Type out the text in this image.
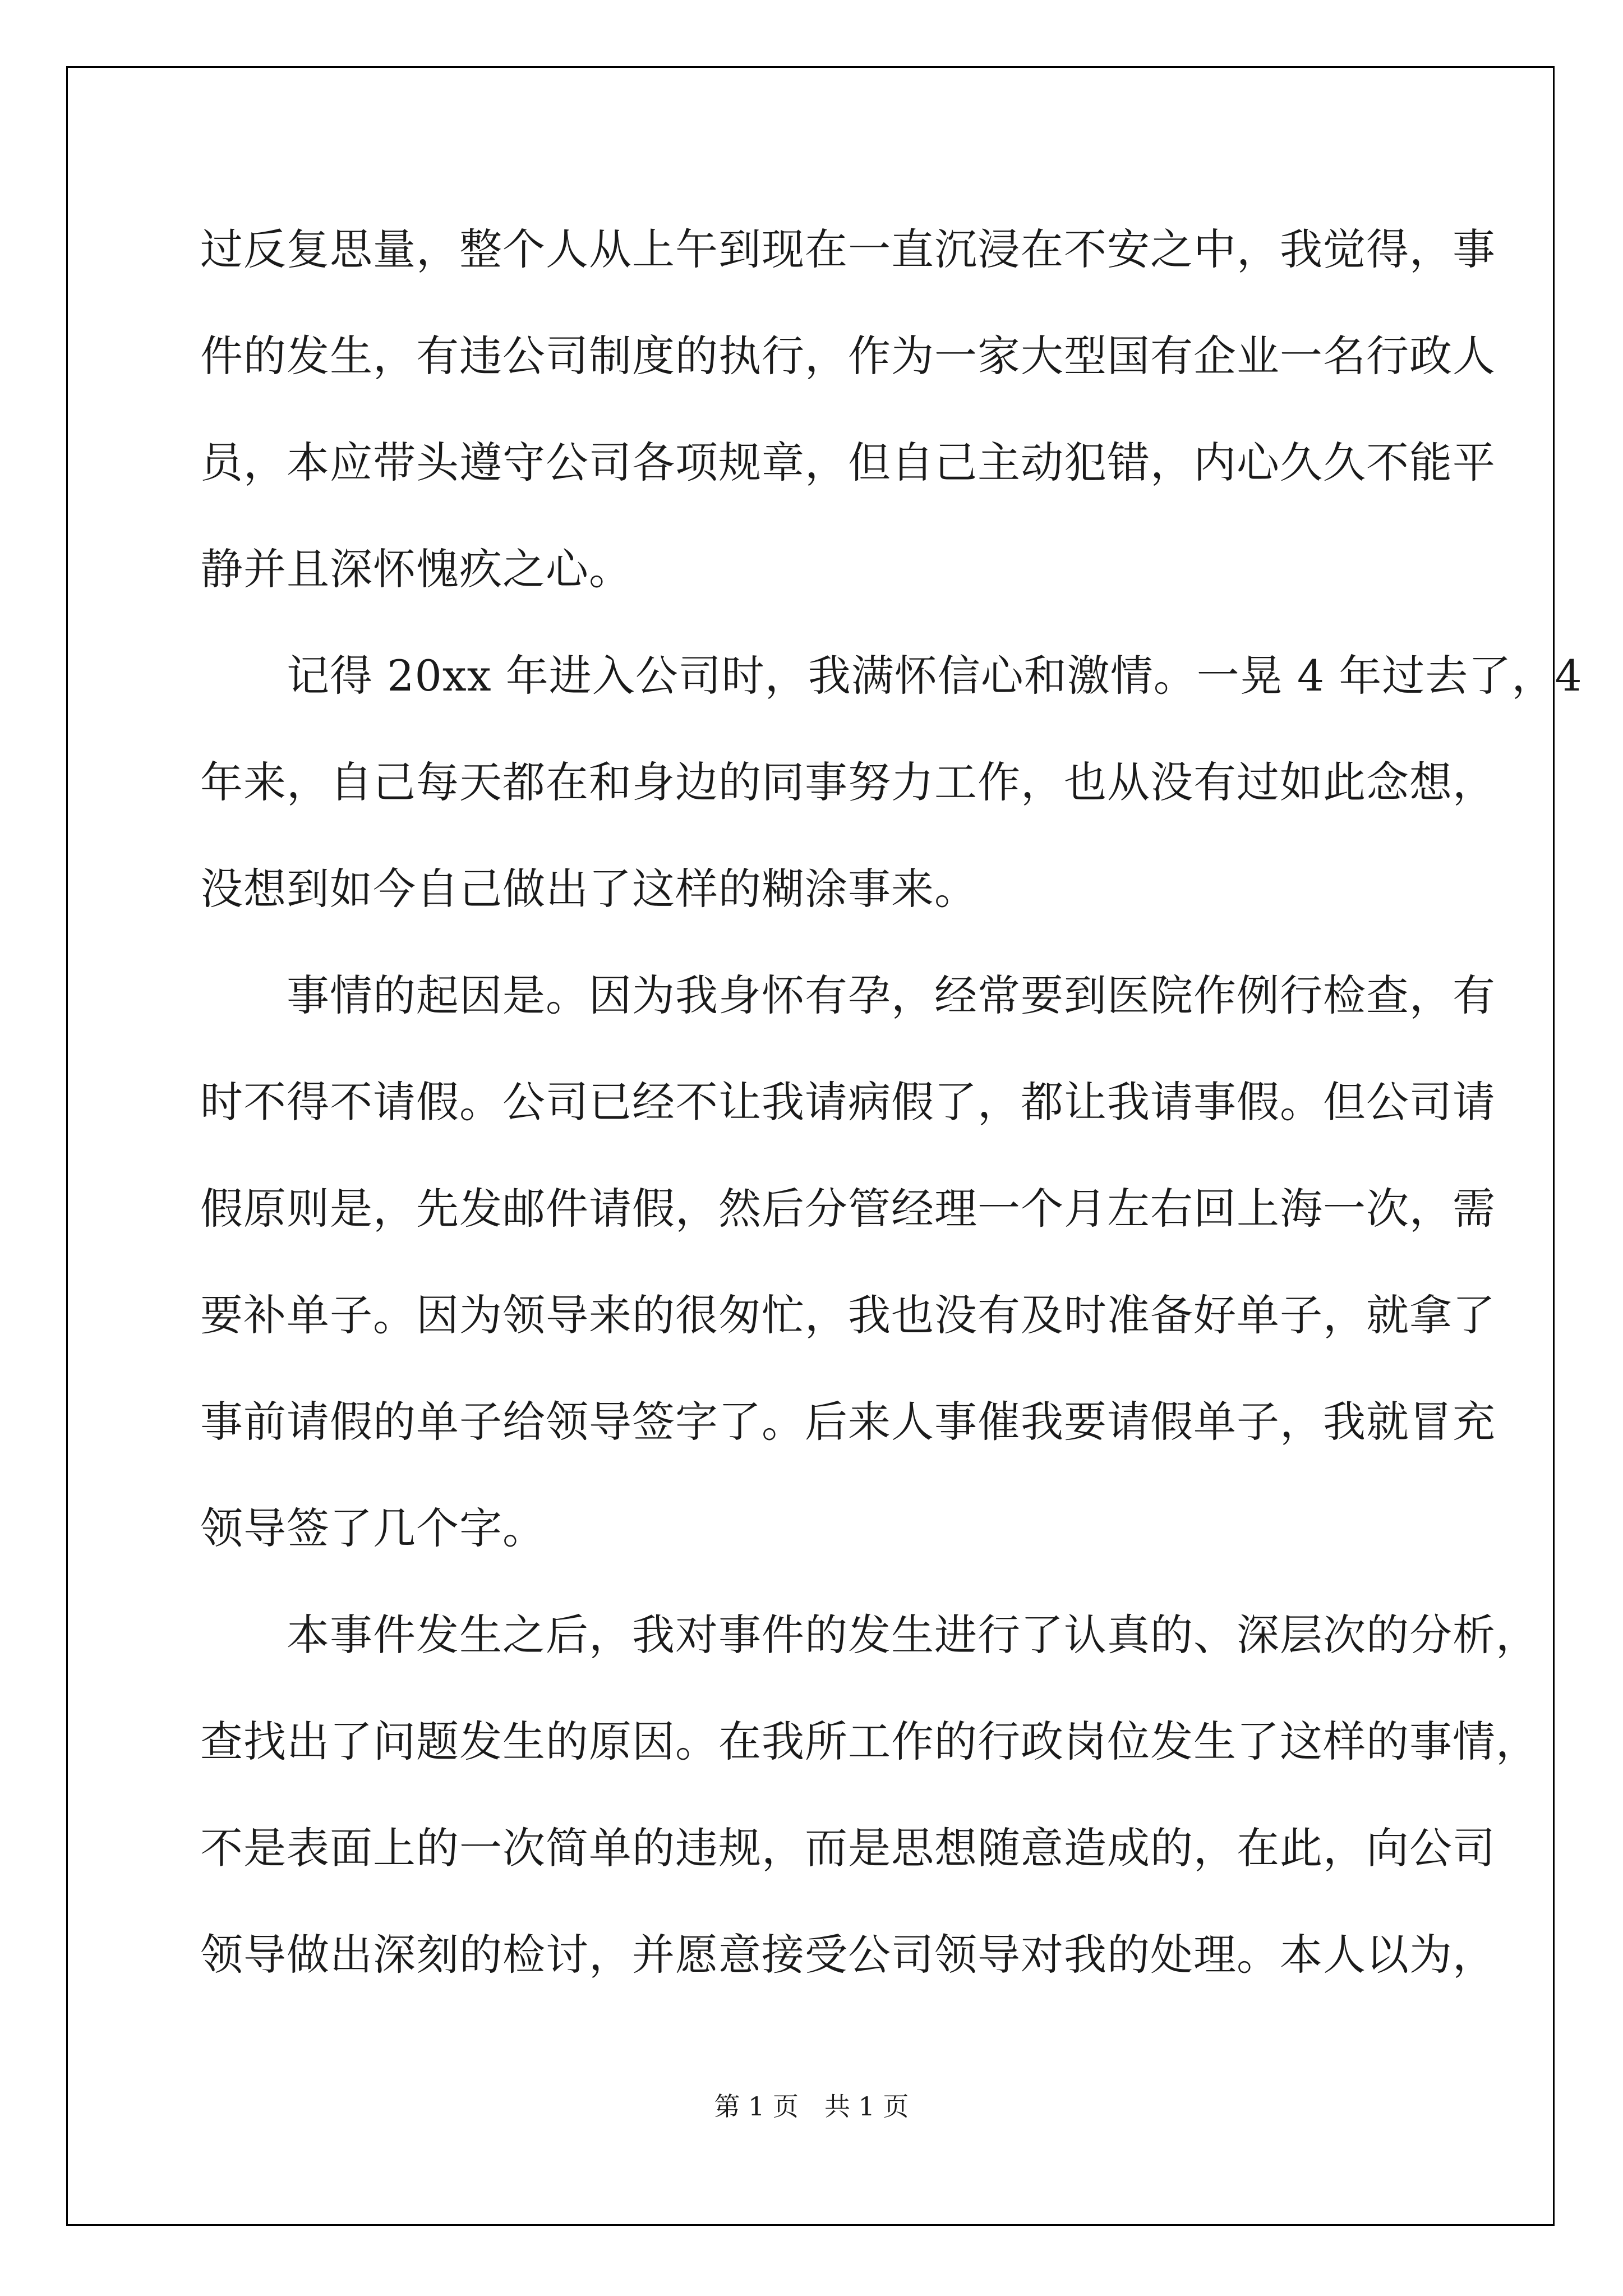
过反复思量，整个人从上午到现在一直沉浸在不安之中，我觉得，事

件的发生，有违公司制度的执行，作为一家大型国有企业一名行政人

员，本应带头遵守公司各项规章，但自己主动犯错，内心久久不能平

静并且深怀愧疚之心。

　　记得 20xx 年进入公司时，我满怀信心和激情。一晃 4 年过去了，4

年来，自己每天都在和身边的同事努力工作，也从没有过如此念想，

没想到如今自己做出了这样的糊涂事来。

　　事情的起因是。因为我身怀有孕，经常要到医院作例行检查，有

时不得不请假。公司已经不让我请病假了，都让我请事假。但公司请

假原则是，先发邮件请假，然后分管经理一个月左右回上海一次，需

要补单子。因为领导来的很匆忙，我也没有及时准备好单子，就拿了

事前请假的单子给领导签字了。后来人事催我要请假单子，我就冒充

领导签了几个字。

　　本事件发生之后，我对事件的发生进行了认真的、深层次的分析，

查找出了问题发生的原因。在我所工作的行政岗位发生了这样的事情，

不是表面上的一次简单的违规，而是思想随意造成的，在此，向公司

领导做出深刻的检讨，并愿意接受公司领导对我的处理。本人以为，

第 1 页　共 1 页
